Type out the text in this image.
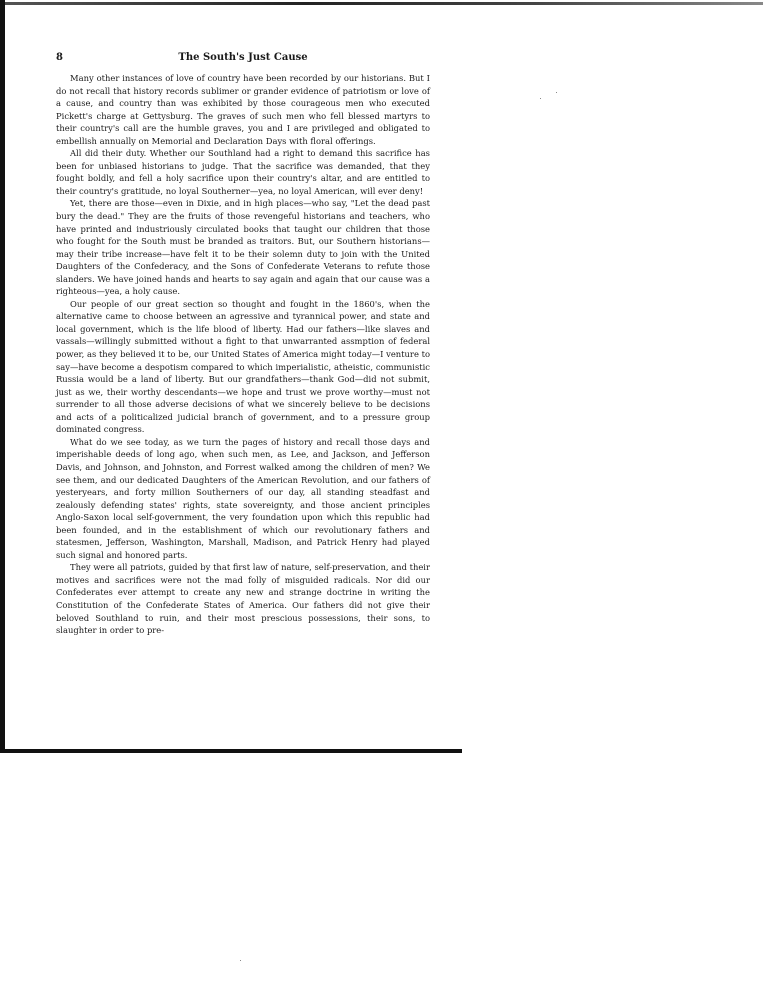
8	The South's Just Cause

Many other instances of love of country have been recorded by our historians. But I do not recall that history records sublimer or grander evidence of patriotism or love of a cause, and country than was exhibited by those courageous men who executed Pickett's charge at Gettysburg. The graves of such men who fell blessed martyrs to their country's call are the humble graves, you and I are privileged and obligated to embellish annually on Memorial and Declaration Days with floral offerings.

All did their duty. Whether our Southland had a right to demand this sacrifice has been for unbiased historians to judge. That the sacrifice was demanded, that they fought boldly, and fell a holy sacrifice upon their country's altar, and are entitled to their country's gratitude, no loyal Southerner—yea, no loyal American, will ever deny!

Yet, there are those—even in Dixie, and in high places—who say, "Let the dead past bury the dead." They are the fruits of those revengeful historians and teachers, who have printed and industriously circulated books that taught our children that those who fought for the South must be branded as traitors. But, our Southern historians—may their tribe increase—have felt it to be their solemn duty to join with the United Daughters of the Confederacy, and the Sons of Confederate Veterans to refute those slanders. We have joined hands and hearts to say again and again that our cause was a righteous—yea, a holy cause.

Our people of our great section so thought and fought in the 1860's, when the alternative came to choose between an agressive and tyrannical power, and state and local government, which is the life blood of liberty. Had our fathers—like slaves and vassals—willingly submitted without a fight to that unwarranted assmption of federal power, as they believed it to be, our United States of America might today—I venture to say—have become a despotism compared to which imperialistic, atheistic, communistic Russia would be a land of liberty. But our grandfathers—thank God—did not submit, just as we, their worthy descendants—we hope and trust we prove worthy—must not surrender to all those adverse decisions of what we sincerely believe to be decisions and acts of a politicalized judicial branch of government, and to a pressure group dominated congress.

What do we see today, as we turn the pages of history and recall those days and imperishable deeds of long ago, when such men, as Lee, and Jackson, and Jefferson Davis, and Johnson, and Johnston, and Forrest walked among the children of men? We see them, and our dedicated Daughters of the American Revolution, and our fathers of yesteryears, and forty million Southerners of our day, all standing steadfast and zealously defending states' rights, state sovereignty, and those ancient principles Anglo-Saxon local self-government, the very foundation upon which this republic had been founded, and in the establishment of which our revolutionary fathers and statesmen, Jefferson, Washington, Marshall, Madison, and Patrick Henry had played such signal and honored parts.

They were all patriots, guided by that first law of nature, self-preservation, and their motives and sacrifices were not the mad folly of misguided radicals. Nor did our Confederates ever attempt to create any new and strange doctrine in writing the Constitution of the Confederate States of America. Our fathers did not give their beloved Southland to ruin, and their most prescious possessions, their sons, to slaughter in order to pre-
